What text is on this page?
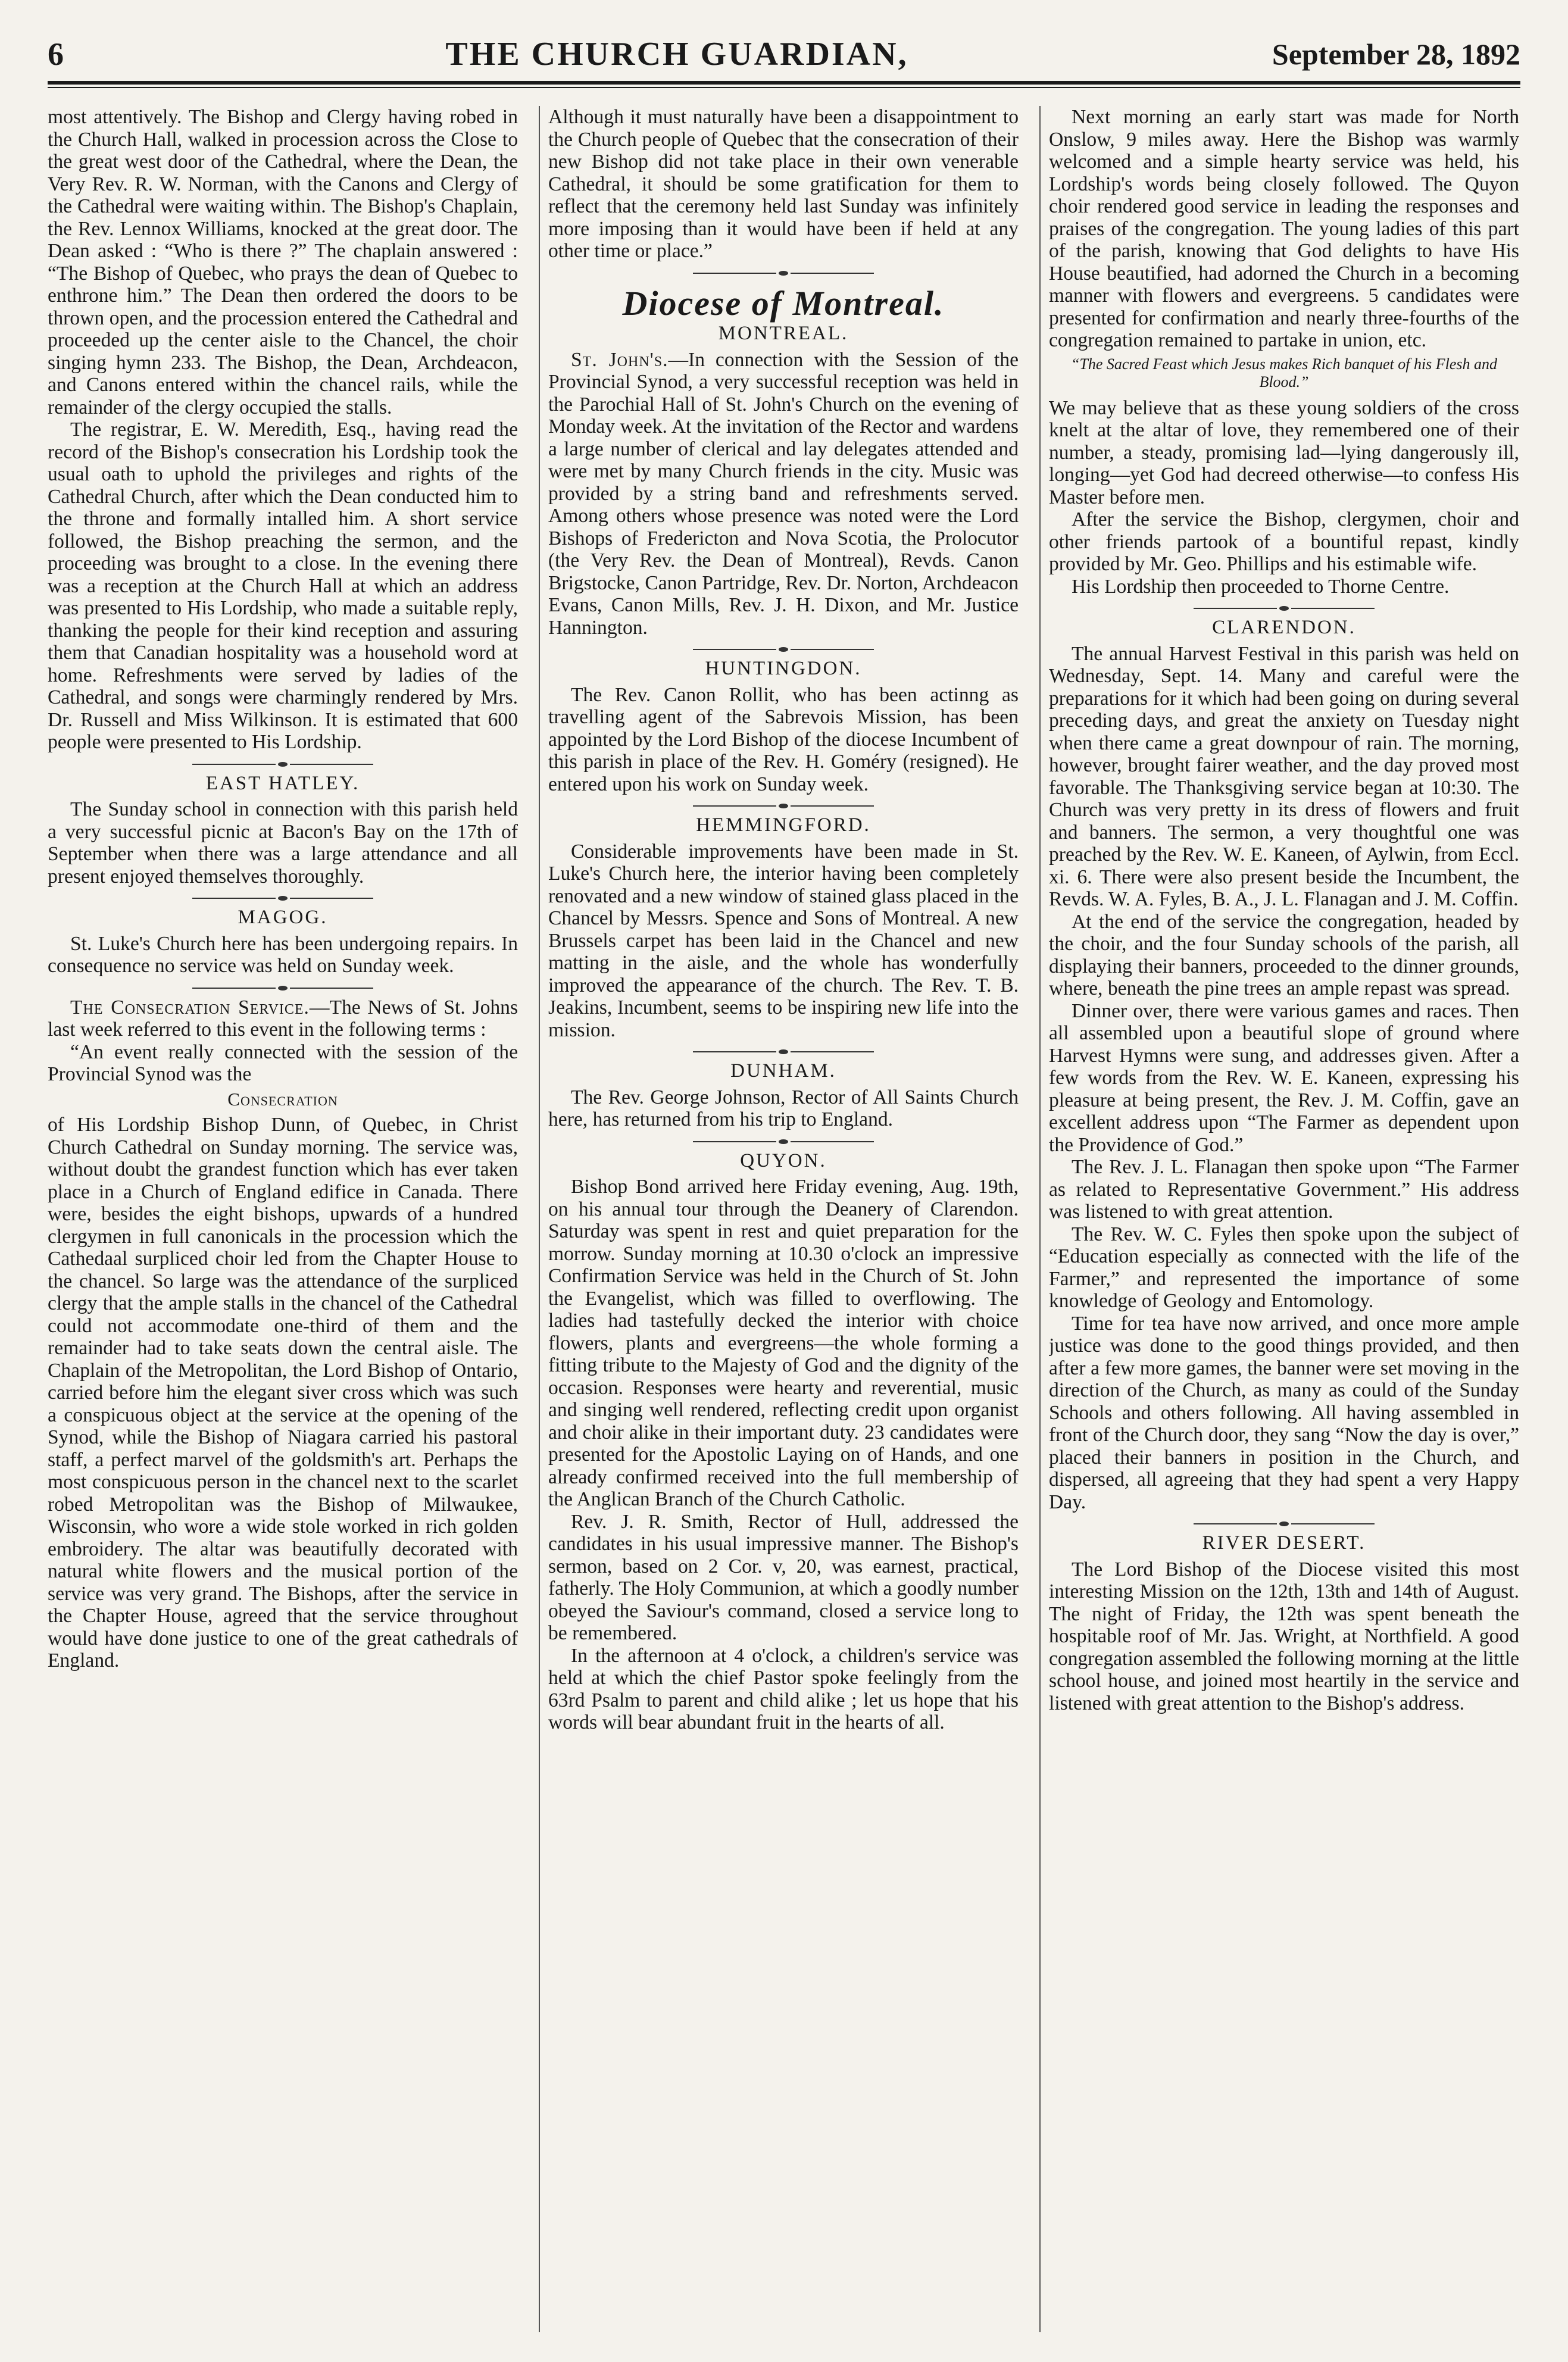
6	THE CHURCH GUARDIAN,	September 28, 1892

most attentively. The Bishop and Clergy having robed in the Church Hall, walked in procession across the Close to the great west door of the Cathedral, where the Dean, the Very Rev. R. W. Norman, with the Canons and Clergy of the Cathedral were waiting within. The Bishop's Chaplain, the Rev. Lennox Williams, knocked at the great door. The Dean asked : “Who is there ?” The chaplain answered : “The Bishop of Quebec, who prays the dean of Quebec to enthrone him.” The Dean then ordered the doors to be thrown open, and the procession entered the Cathedral and proceeded up the center aisle to the Chancel, the choir singing hymn 233. The Bishop, the Dean, Archdeacon, and Canons entered within the chancel rails, while the remainder of the clergy occupied the stalls.

The registrar, E. W. Meredith, Esq., having read the record of the Bishop's consecration his Lordship took the usual oath to uphold the privileges and rights of the Cathedral Church, after which the Dean conducted him to the throne and formally intalled him. A short service followed, the Bishop preaching the sermon, and the proceeding was brought to a close. In the evening there was a reception at the Church Hall at which an address was presented to His Lordship, who made a suitable reply, thanking the people for their kind reception and assuring them that Canadian hospitality was a household word at home. Refreshments were served by ladies of the Cathedral, and songs were charmingly rendered by Mrs. Dr. Russell and Miss Wilkinson. It is estimated that 600 people were presented to His Lordship.

EAST HATLEY.

The Sunday school in connection with this parish held a very successful picnic at Bacon's Bay on the 17th of September when there was a large attendance and all present enjoyed themselves thoroughly.

MAGOG.

St. Luke's Church here has been undergoing repairs. In consequence no service was held on Sunday week.

The Consecration Service.—The News of St. Johns last week referred to this event in the following terms :

“An event really connected with the session of the Provincial Synod was the

Consecration

of His Lordship Bishop Dunn, of Quebec, in Christ Church Cathedral on Sunday morning. The service was, without doubt the grandest function which has ever taken place in a Church of England edifice in Canada. There were, besides the eight bishops, upwards of a hundred clergymen in full canonicals in the procession which the Cathedaal surpliced choir led from the Chapter House to the chancel. So large was the attendance of the surpliced clergy that the ample stalls in the chancel of the Cathedral could not accommodate one-third of them and the remainder had to take seats down the central aisle. The Chaplain of the Metropolitan, the Lord Bishop of Ontario, carried before him the elegant siver cross which was such a conspicuous object at the service at the opening of the Synod, while the Bishop of Niagara carried his pastoral staff, a perfect marvel of the goldsmith's art. Perhaps the most conspicuous person in the chancel next to the scarlet robed Metropolitan was the Bishop of Milwaukee, Wisconsin, who wore a wide stole worked in rich golden embroidery. The altar was beautifully decorated with natural white flowers and the musical portion of the service was very grand. The Bishops, after the service in the Chapter House, agreed that the service throughout would have done justice to one of the great cathedrals of England.

Although it must naturally have been a disappointment to the Church people of Quebec that the consecration of their new Bishop did not take place in their own venerable Cathedral, it should be some gratification for them to reflect that the ceremony held last Sunday was infinitely more imposing than it would have been if held at any other time or place.”

Diocese of Montreal.
MONTREAL.

St. John's.—In connection with the Session of the Provincial Synod, a very successful reception was held in the Parochial Hall of St. John's Church on the evening of Monday week. At the invitation of the Rector and wardens a large number of clerical and lay delegates attended and were met by many Church friends in the city. Music was provided by a string band and refreshments served. Among others whose presence was noted were the Lord Bishops of Fredericton and Nova Scotia, the Prolocutor (the Very Rev. the Dean of Montreal), Revds. Canon Brigstocke, Canon Partridge, Rev. Dr. Norton, Archdeacon Evans, Canon Mills, Rev. J. H. Dixon, and Mr. Justice Hannington.

HUNTINGDON.

The Rev. Canon Rollit, who has been actinng as travelling agent of the Sabrevois Mission, has been appointed by the Lord Bishop of the diocese Incumbent of this parish in place of the Rev. H. Goméry (resigned). He entered upon his work on Sunday week.

HEMMINGFORD.

Considerable improvements have been made in St. Luke's Church here, the interior having been completely renovated and a new window of stained glass placed in the Chancel by Messrs. Spence and Sons of Montreal. A new Brussels carpet has been laid in the Chancel and new matting in the aisle, and the whole has wonderfully improved the appearance of the church. The Rev. T. B. Jeakins, Incumbent, seems to be inspiring new life into the mission.

DUNHAM.

The Rev. George Johnson, Rector of All Saints Church here, has returned from his trip to England.

QUYON.

Bishop Bond arrived here Friday evening, Aug. 19th, on his annual tour through the Deanery of Clarendon. Saturday was spent in rest and quiet preparation for the morrow. Sunday morning at 10.30 o'clock an impressive Confirmation Service was held in the Church of St. John the Evangelist, which was filled to overflowing. The ladies had tastefully decked the interior with choice flowers, plants and evergreens—the whole forming a fitting tribute to the Majesty of God and the dignity of the occasion. Responses were hearty and reverential, music and singing well rendered, reflecting credit upon organist and choir alike in their important duty. 23 candidates were presented for the Apostolic Laying on of Hands, and one already confirmed received into the full membership of the Anglican Branch of the Church Catholic.

Rev. J. R. Smith, Rector of Hull, addressed the candidates in his usual impressive manner. The Bishop's sermon, based on 2 Cor. v, 20, was earnest, practical, fatherly. The Holy Communion, at which a goodly number obeyed the Saviour's command, closed a service long to be remembered.

In the afternoon at 4 o'clock, a children's service was held at which the chief Pastor spoke feelingly from the 63rd Psalm to parent and child alike ; let us hope that his words will bear abundant fruit in the hearts of all.

Next morning an early start was made for North Onslow, 9 miles away. Here the Bishop was warmly welcomed and a simple hearty service was held, his Lordship's words being closely followed. The Quyon choir rendered good service in leading the responses and praises of the congregation. The young ladies of this part of the parish, knowing that God delights to have His House beautified, had adorned the Church in a becoming manner with flowers and evergreens. 5 candidates were presented for confirmation and nearly three-fourths of the congregation remained to partake in union, etc.

“The Sacred Feast which Jesus makes Rich banquet of his Flesh and Blood.”

We may believe that as these young soldiers of the cross knelt at the altar of love, they remembered one of their number, a steady, promising lad—lying dangerously ill, longing—yet God had decreed otherwise—to confess His Master before men.

After the service the Bishop, clergymen, choir and other friends partook of a bountiful repast, kindly provided by Mr. Geo. Phillips and his estimable wife.

His Lordship then proceeded to Thorne Centre.

CLARENDON.

The annual Harvest Festival in this parish was held on Wednesday, Sept. 14. Many and careful were the preparations for it which had been going on during several preceding days, and great the anxiety on Tuesday night when there came a great downpour of rain. The morning, however, brought fairer weather, and the day proved most favorable. The Thanksgiving service began at 10:30. The Church was very pretty in its dress of flowers and fruit and banners. The sermon, a very thoughtful one was preached by the Rev. W. E. Kaneen, of Aylwin, from Eccl. xi. 6. There were also present beside the Incumbent, the Revds. W. A. Fyles, B. A., J. L. Flanagan and J. M. Coffin.

At the end of the service the congregation, headed by the choir, and the four Sunday schools of the parish, all displaying their banners, proceeded to the dinner grounds, where, beneath the pine trees an ample repast was spread.

Dinner over, there were various games and races. Then all assembled upon a beautiful slope of ground where Harvest Hymns were sung, and addresses given. After a few words from the Rev. W. E. Kaneen, expressing his pleasure at being present, the Rev. J. M. Coffin, gave an excellent address upon “The Farmer as dependent upon the Providence of God.”

The Rev. J. L. Flanagan then spoke upon “The Farmer as related to Representative Government.” His address was listened to with great attention.

The Rev. W. C. Fyles then spoke upon the subject of “Education especially as connected with the life of the Farmer,” and represented the importance of some knowledge of Geology and Entomology.

Time for tea have now arrived, and once more ample justice was done to the good things provided, and then after a few more games, the banner were set moving in the direction of the Church, as many as could of the Sunday Schools and others following. All having assembled in front of the Church door, they sang “Now the day is over,” placed their banners in position in the Church, and dispersed, all agreeing that they had spent a very Happy Day.

RIVER DESERT.

The Lord Bishop of the Diocese visited this most interesting Mission on the 12th, 13th and 14th of August. The night of Friday, the 12th was spent beneath the hospitable roof of Mr. Jas. Wright, at Northfield. A good congregation assembled the following morning at the little school house, and joined most heartily in the service and listened with great attention to the Bishop's address.
